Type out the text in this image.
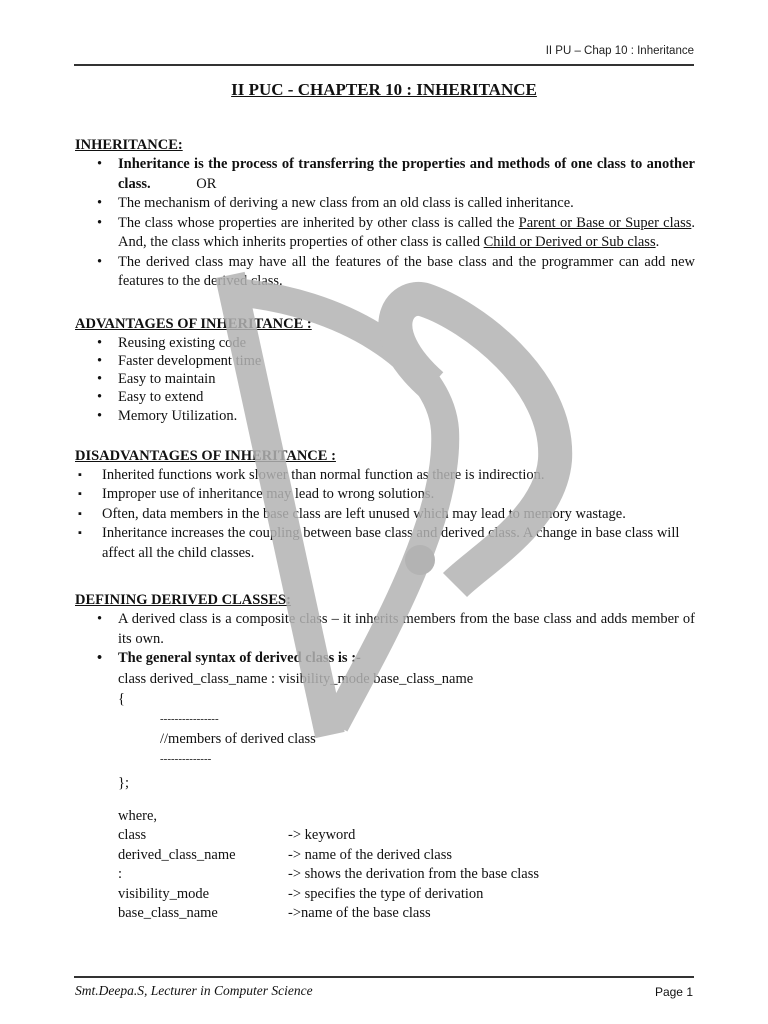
II PU – Chap 10 : Inheritance
II PUC - CHAPTER 10 : INHERITANCE

INHERITANCE:

• Inheritance is the process of transferring the properties and methods of one class to another class.	OR
• The mechanism of deriving a new class from an old class is called inheritance.
• The class whose properties are inherited by other class is called the Parent or Base or Super class. And, the class which inherits properties of other class is called Child or Derived or Sub class.
• The derived class may have all the features of the base class and the programmer can add new features to the derived class.

ADVANTAGES OF INHERITANCE :

• Reusing existing code
• Faster development time
• Easy to maintain
• Easy to extend
• Memory Utilization.

DISADVANTAGES OF INHERITANCE :

▪ Inherited functions work slower than normal function as there is indirection.
▪ Improper use of inheritance may lead to wrong solutions.
▪ Often, data members in the base class are left unused which may lead to memory wastage.
▪ Inheritance increases the coupling between base class and derived class. A change in base class will affect all the child classes.

DEFINING DERIVED CLASSES:

• A derived class is a composite class – it inherits members from the base class and adds member of its own.
• The general syntax of derived class is :-
class derived_class_name : visibility_mode base_class_name
{
----------------
//members of derived class
--------------
};
where,
class	-> keyword
derived_class_name	-> name of the derived class
:	-> shows the derivation from the base class
visibility_mode	-> specifies the type of derivation
base_class_name	->name of the base class
Smt.Deepa.S, Lecturer in Computer Science	Page 1
